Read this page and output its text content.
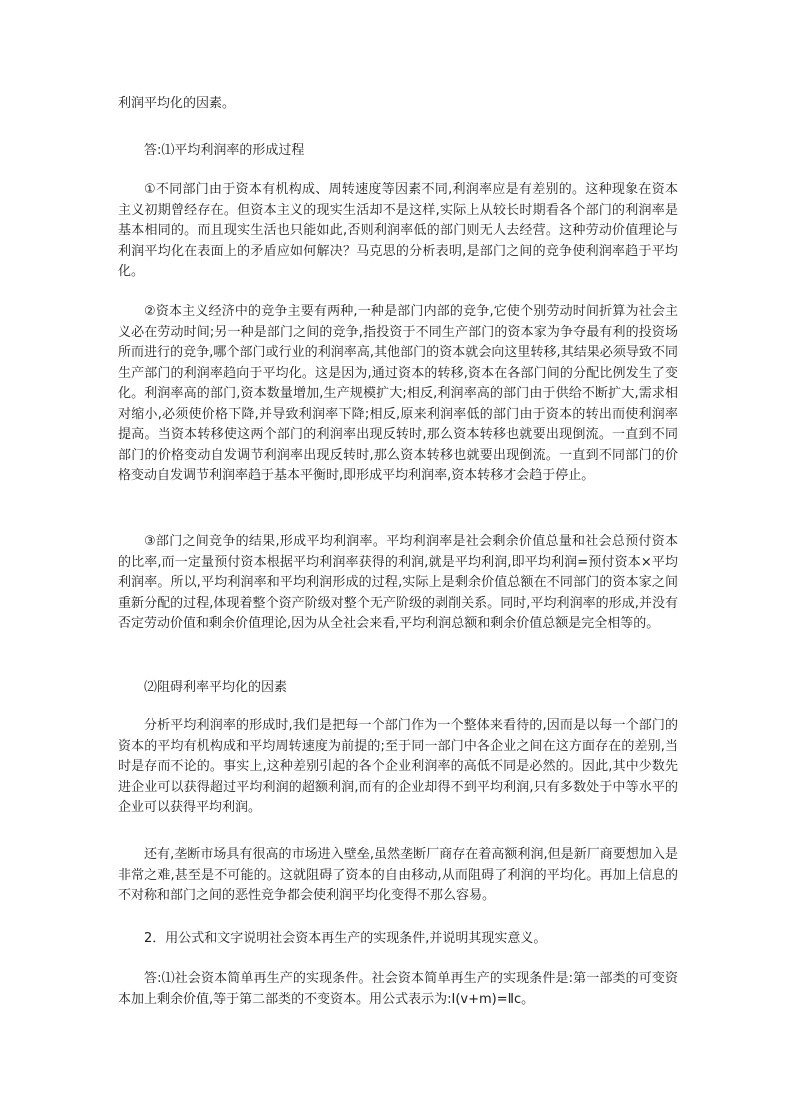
利润平均化的因素。

答:⑴平均利润率的形成过程

①不同部门由于资本有机构成、周转速度等因素不同,利润率应是有差别的。这种现象在资本主义初期曾经存在。但资本主义的现实生活却不是这样,实际上从较长时期看各个部门的利润率是基本相同的。而且现实生活也只能如此,否则利润率低的部门则无人去经营。这种劳动价值理论与利润平均化在表面上的矛盾应如何解决？马克思的分析表明,是部门之间的竞争使利润率趋于平均化。

②资本主义经济中的竞争主要有两种,一种是部门内部的竞争,它使个别劳动时间折算为社会主义必在劳动时间;另一种是部门之间的竞争,指投资于不同生产部门的资本家为争夺最有利的投资场所而进行的竞争,哪个部门或行业的利润率高,其他部门的资本就会向这里转移,其结果必须导致不同生产部门的利润率趋向于平均化。这是因为,通过资本的转移,资本在各部门间的分配比例发生了变化。利润率高的部门,资本数量增加,生产规模扩大;相反,利润率高的部门由于供给不断扩大,需求相对缩小,必须使价格下降,并导致利润率下降;相反,原来利润率低的部门由于资本的转出而使利润率提高。当资本转移使这两个部门的利润率出现反转时,那么资本转移也就要出现倒流。一直到不同部门的价格变动自发调节利润率出现反转时,那么资本转移也就要出现倒流。一直到不同部门的价格变动自发调节利润率趋于基本平衡时,即形成平均利润率,资本转移才会趋于停止。

③部门之间竞争的结果,形成平均利润率。平均利润率是社会剩余价值总量和社会总预付资本的比率,而一定量预付资本根据平均利润率获得的利润,就是平均利润,即平均利润=预付资本×平均利润率。所以,平均利润率和平均利润形成的过程,实际上是剩余价值总额在不同部门的资本家之间重新分配的过程,体现着整个资产阶级对整个无产阶级的剥削关系。同时,平均利润率的形成,并没有否定劳动价值和剩余价值理论,因为从全社会来看,平均利润总额和剩余价值总额是完全相等的。

⑵阻碍利率平均化的因素

分析平均利润率的形成时,我们是把每一个部门作为一个整体来看待的,因而是以每一个部门的资本的平均有机构成和平均周转速度为前提的;至于同一部门中各企业之间在这方面存在的差别,当时是存而不论的。事实上,这种差别引起的各个企业利润率的高低不同是必然的。因此,其中少数先进企业可以获得超过平均利润的超额利润,而有的企业却得不到平均利润,只有多数处于中等水平的企业可以获得平均利润。

还有,垄断市场具有很高的市场进入壁垒,虽然垄断厂商存在着高额利润,但是新厂商要想加入是非常之难,甚至是不可能的。这就阻碍了资本的自由移动,从而阻碍了利润的平均化。再加上信息的不对称和部门之间的恶性竞争都会使利润平均化变得不那么容易。

2．用公式和文字说明社会资本再生产的实现条件,并说明其现实意义。

答:⑴社会资本简单再生产的实现条件。社会资本简单再生产的实现条件是:第一部类的可变资本加上剩余价值,等于第二部类的不变资本。用公式表示为:Ⅰ(v+m)=Ⅱc。
